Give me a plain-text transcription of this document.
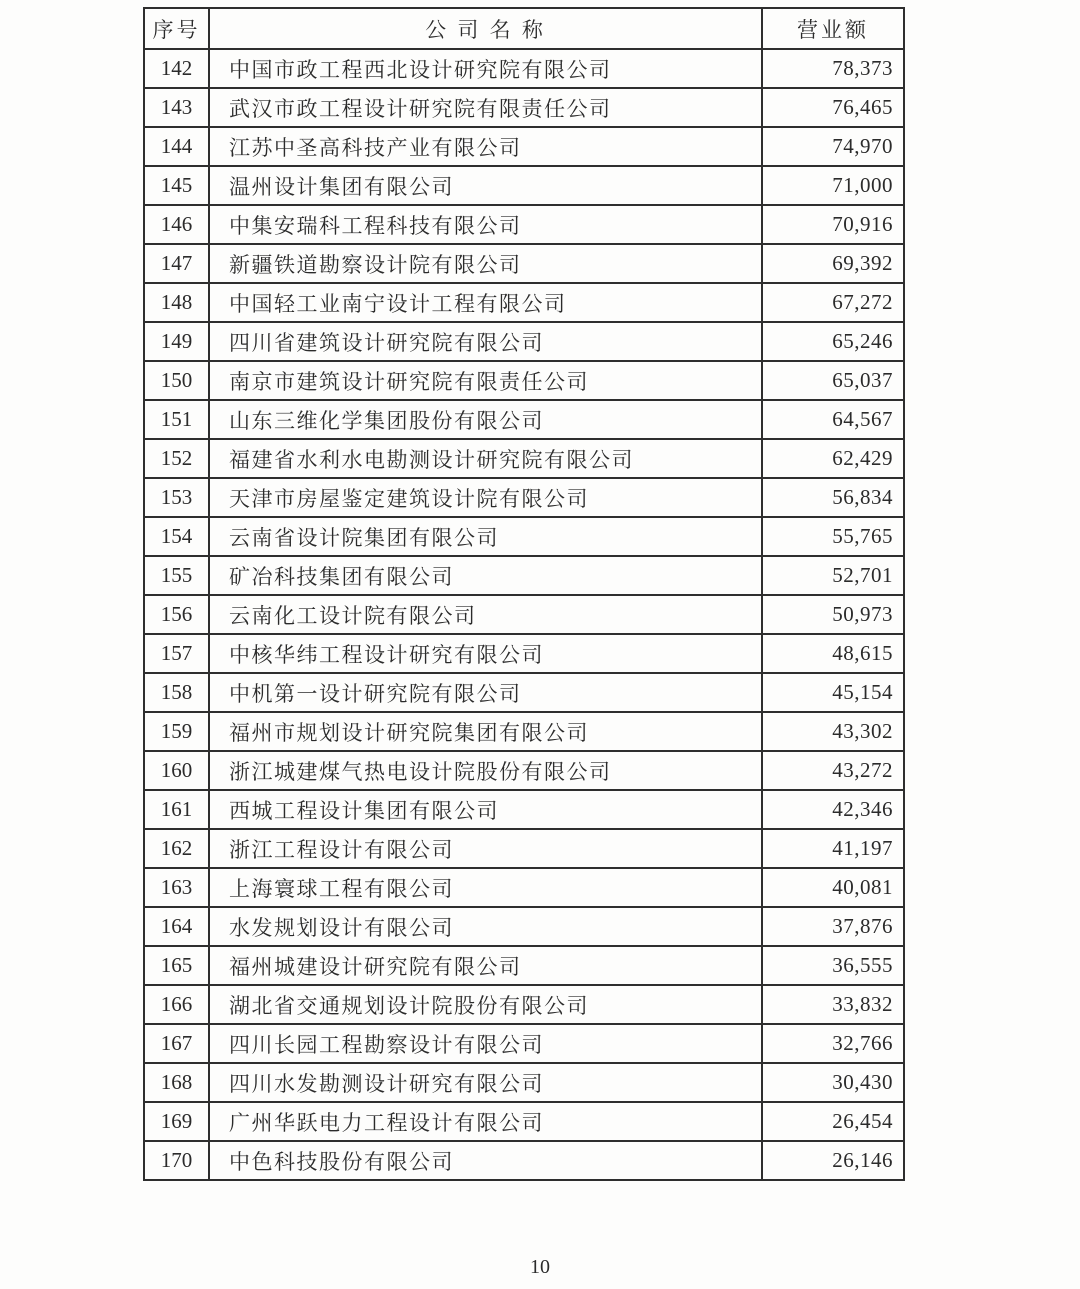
序号	公 司 名 称	营业额
142	中国市政工程西北设计研究院有限公司	78,373
143	武汉市政工程设计研究院有限责任公司	76,465
144	江苏中圣高科技产业有限公司	74,970
145	温州设计集团有限公司	71,000
146	中集安瑞科工程科技有限公司	70,916
147	新疆铁道勘察设计院有限公司	69,392
148	中国轻工业南宁设计工程有限公司	67,272
149	四川省建筑设计研究院有限公司	65,246
150	南京市建筑设计研究院有限责任公司	65,037
151	山东三维化学集团股份有限公司	64,567
152	福建省水利水电勘测设计研究院有限公司	62,429
153	天津市房屋鉴定建筑设计院有限公司	56,834
154	云南省设计院集团有限公司	55,765
155	矿冶科技集团有限公司	52,701
156	云南化工设计院有限公司	50,973
157	中核华纬工程设计研究有限公司	48,615
158	中机第一设计研究院有限公司	45,154
159	福州市规划设计研究院集团有限公司	43,302
160	浙江城建煤气热电设计院股份有限公司	43,272
161	西城工程设计集团有限公司	42,346
162	浙江工程设计有限公司	41,197
163	上海寰球工程有限公司	40,081
164	水发规划设计有限公司	37,876
165	福州城建设计研究院有限公司	36,555
166	湖北省交通规划设计院股份有限公司	33,832
167	四川长园工程勘察设计有限公司	32,766
168	四川水发勘测设计研究有限公司	30,430
169	广州华跃电力工程设计有限公司	26,454
170	中色科技股份有限公司	26,146
10
